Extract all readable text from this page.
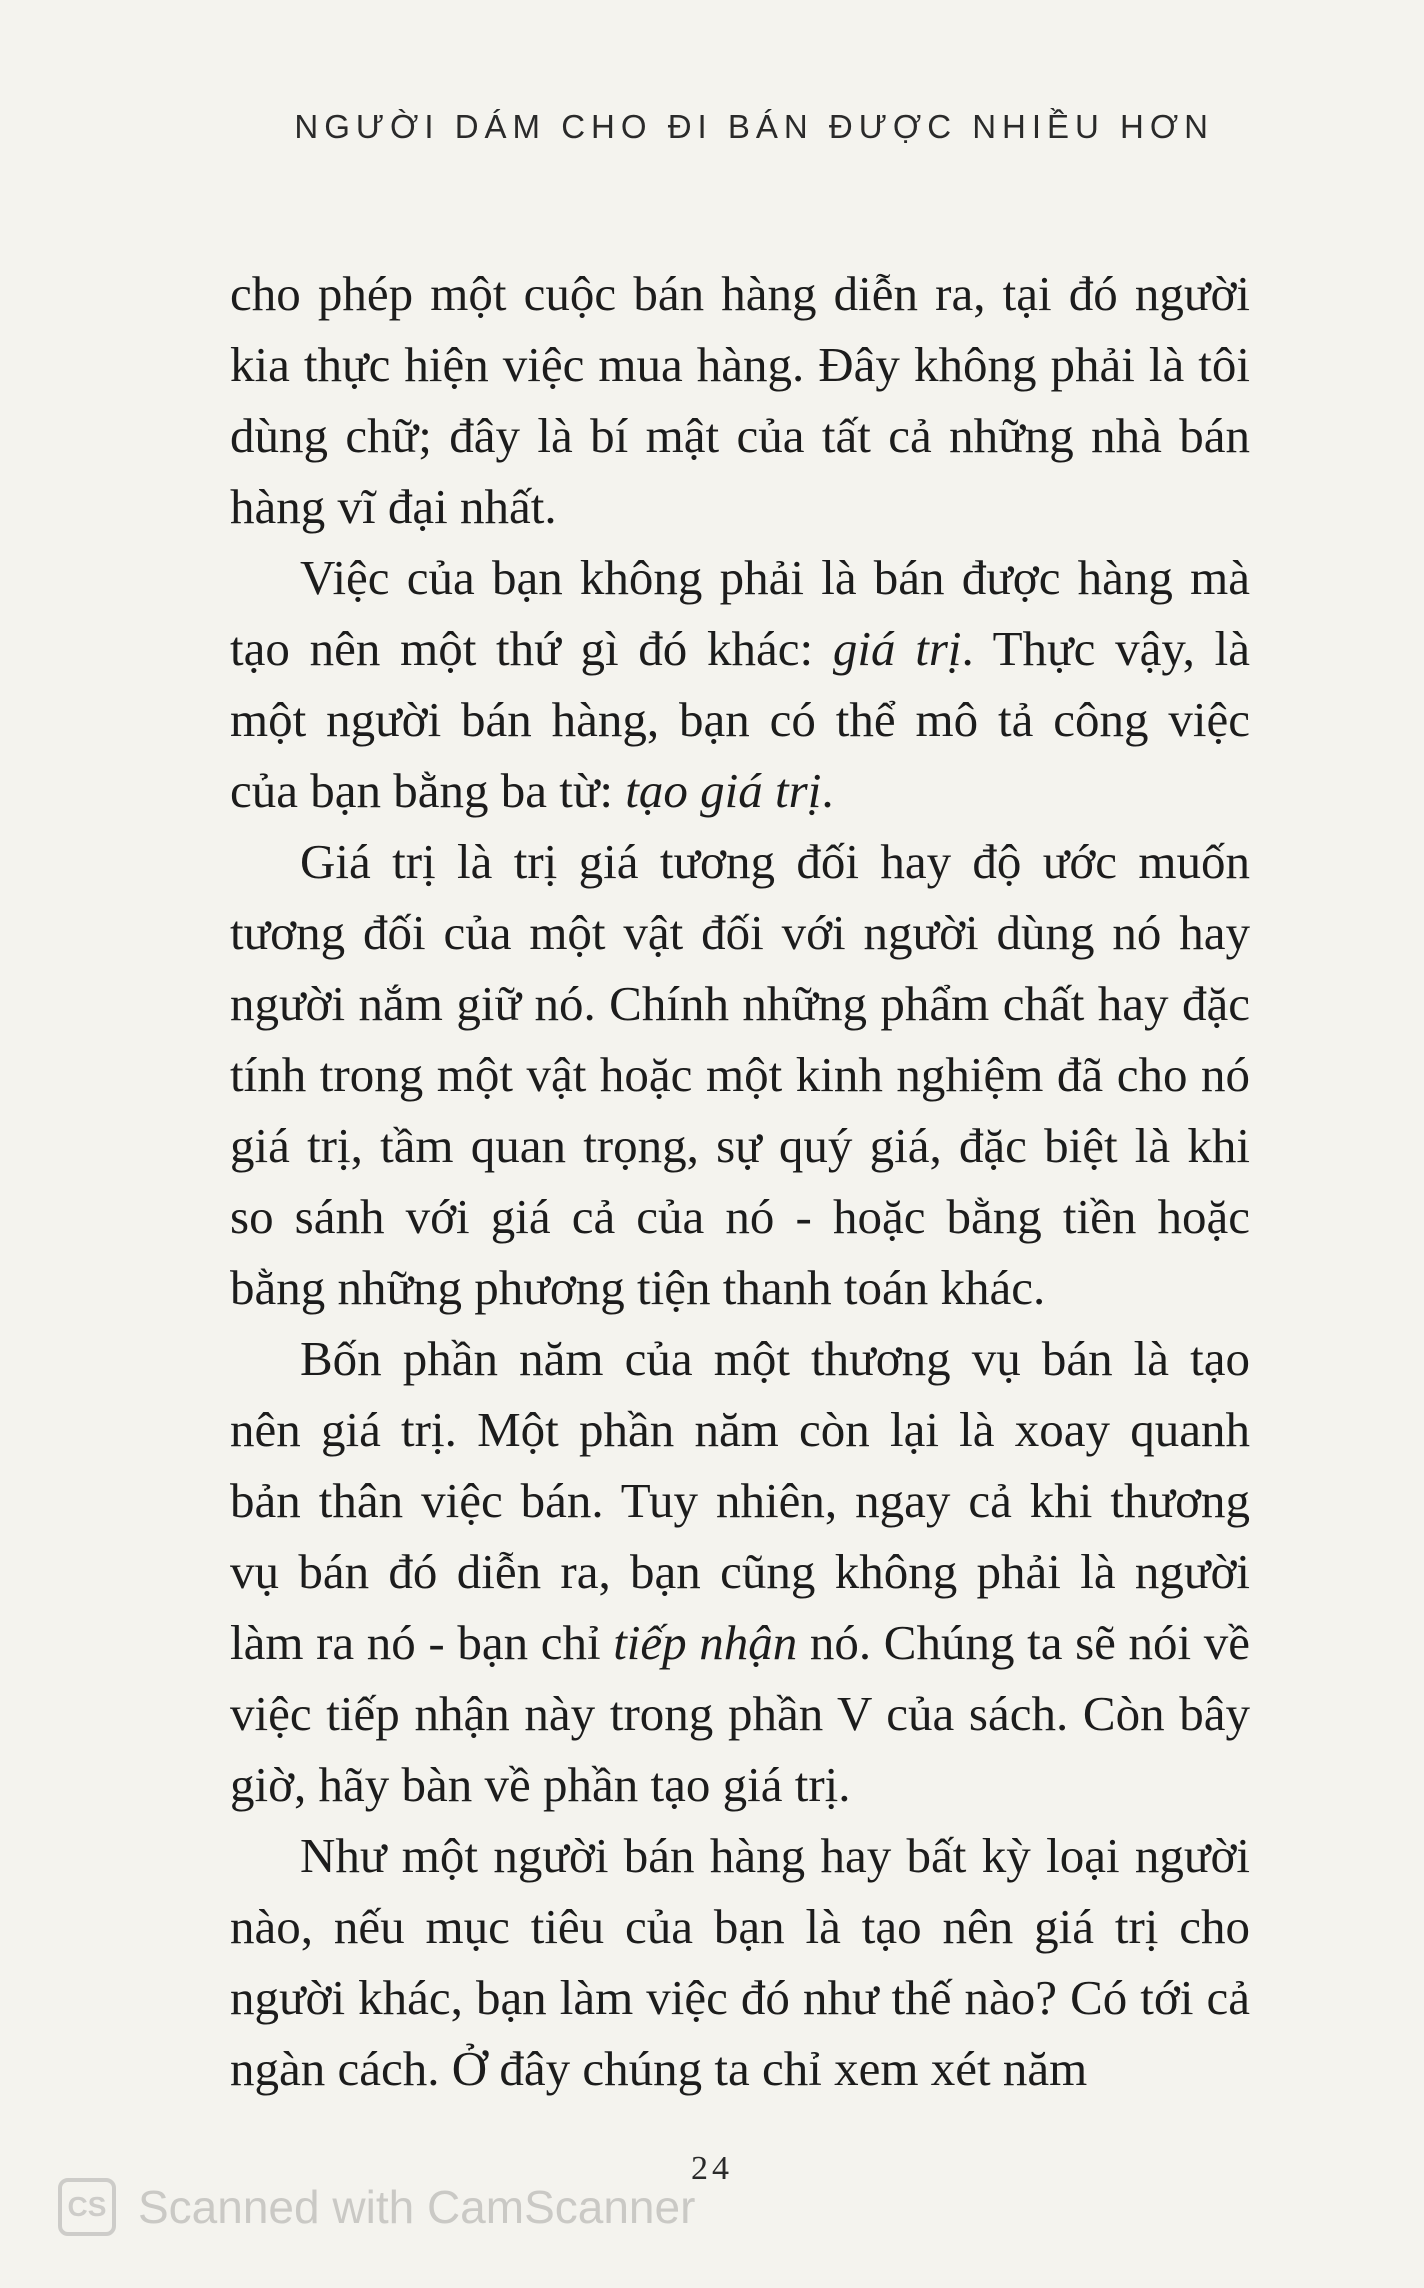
NGƯỜI DÁM CHO ĐI BÁN ĐƯỢC NHIỀU HƠN

cho phép một cuộc bán hàng diễn ra, tại đó người kia thực hiện việc mua hàng. Đây không phải là tôi dùng chữ; đây là bí mật của tất cả những nhà bán hàng vĩ đại nhất.

Việc của bạn không phải là bán được hàng mà tạo nên một thứ gì đó khác: giá trị. Thực vậy, là một người bán hàng, bạn có thể mô tả công việc của bạn bằng ba từ: tạo giá trị.

Giá trị là trị giá tương đối hay độ ước muốn tương đối của một vật đối với người dùng nó hay người nắm giữ nó. Chính những phẩm chất hay đặc tính trong một vật hoặc một kinh nghiệm đã cho nó giá trị, tầm quan trọng, sự quý giá, đặc biệt là khi so sánh với giá cả của nó - hoặc bằng tiền hoặc bằng những phương tiện thanh toán khác.

Bốn phần năm của một thương vụ bán là tạo nên giá trị. Một phần năm còn lại là xoay quanh bản thân việc bán. Tuy nhiên, ngay cả khi thương vụ bán đó diễn ra, bạn cũng không phải là người làm ra nó - bạn chỉ tiếp nhận nó. Chúng ta sẽ nói về việc tiếp nhận này trong phần V của sách. Còn bây giờ, hãy bàn về phần tạo giá trị.

Như một người bán hàng hay bất kỳ loại người nào, nếu mục tiêu của bạn là tạo nên giá trị cho người khác, bạn làm việc đó như thế nào? Có tới cả ngàn cách. Ở đây chúng ta chỉ xem xét năm

24
CS Scanned with CamScanner
